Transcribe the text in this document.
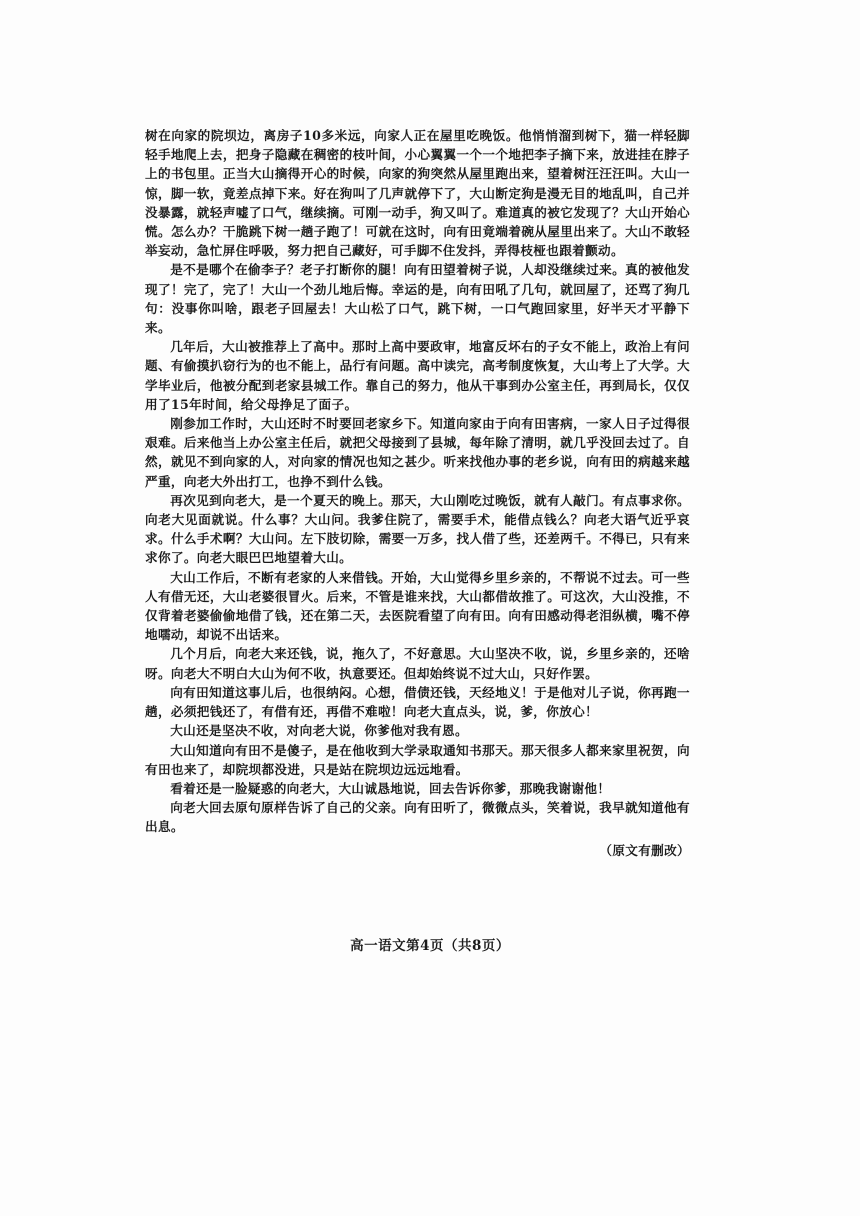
树在向家的院坝边，离房子10多米远，向家人正在屋里吃晚饭。他悄悄溜到树下，猫一样轻脚轻手地爬上去，把身子隐藏在稠密的枝叶间，小心翼翼一个一个地把李子摘下来，放进挂在脖子上的书包里。正当大山摘得开心的时候，向家的狗突然从屋里跑出来，望着树汪汪汪叫。大山一惊，脚一软，竟差点掉下来。好在狗叫了几声就停下了，大山断定狗是漫无目的地乱叫，自己并没暴露，就轻声嘘了口气，继续摘。可刚一动手，狗又叫了。难道真的被它发现了？大山开始心慌。怎么办？干脆跳下树一趟子跑了！可就在这时，向有田竟端着碗从屋里出来了。大山不敢轻举妄动，急忙屏住呼吸，努力把自己藏好，可手脚不住发抖，弄得枝桠也跟着颤动。

是不是哪个在偷李子？老子打断你的腿！向有田望着树子说，人却没继续过来。真的被他发现了！完了，完了！大山一个劲儿地后悔。幸运的是，向有田吼了几句，就回屋了，还骂了狗几句：没事你叫啥，跟老子回屋去！大山松了口气，跳下树，一口气跑回家里，好半天才平静下来。

几年后，大山被推荐上了高中。那时上高中要政审，地富反坏右的子女不能上，政治上有问题、有偷摸扒窃行为的也不能上，品行有问题。高中读完，高考制度恢复，大山考上了大学。大学毕业后，他被分配到老家县城工作。靠自己的努力，他从干事到办公室主任，再到局长，仅仅用了15年时间，给父母挣足了面子。

刚参加工作时，大山还时不时要回老家乡下。知道向家由于向有田害病，一家人日子过得很艰难。后来他当上办公室主任后，就把父母接到了县城，每年除了清明，就几乎没回去过了。自然，就见不到向家的人，对向家的情况也知之甚少。听来找他办事的老乡说，向有田的病越来越严重，向老大外出打工，也挣不到什么钱。

再次见到向老大，是一个夏天的晚上。那天，大山刚吃过晚饭，就有人敲门。有点事求你。向老大见面就说。什么事？大山问。我爹住院了，需要手术，能借点钱么？向老大语气近乎哀求。什么手术啊？大山问。左下肢切除，需要一万多，找人借了些，还差两千。不得已，只有来求你了。向老大眼巴巴地望着大山。

大山工作后，不断有老家的人来借钱。开始，大山觉得乡里乡亲的，不帮说不过去。可一些人有借无还，大山老婆很冒火。后来，不管是谁来找，大山都借故推了。可这次，大山没推，不仅背着老婆偷偷地借了钱，还在第二天，去医院看望了向有田。向有田感动得老泪纵横，嘴不停地嚅动，却说不出话来。

几个月后，向老大来还钱，说，拖久了，不好意思。大山坚决不收，说，乡里乡亲的，还啥呀。向老大不明白大山为何不收，执意要还。但却始终说不过大山，只好作罢。

向有田知道这事儿后，也很纳闷。心想，借债还钱，天经地义！于是他对儿子说，你再跑一趟，必须把钱还了，有借有还，再借不难啦！向老大直点头，说，爹，你放心！

大山还是坚决不收，对向老大说，你爹他对我有恩。

大山知道向有田不是傻子，是在他收到大学录取通知书那天。那天很多人都来家里祝贺，向有田也来了，却院坝都没进，只是站在院坝边远远地看。

看着还是一脸疑惑的向老大，大山诚恳地说，回去告诉你爹，那晚我谢谢他！

向老大回去原句原样告诉了自己的父亲。向有田听了，微微点头，笑着说，我早就知道他有出息。

（原文有删改）
高一语文第4页（共8页）
